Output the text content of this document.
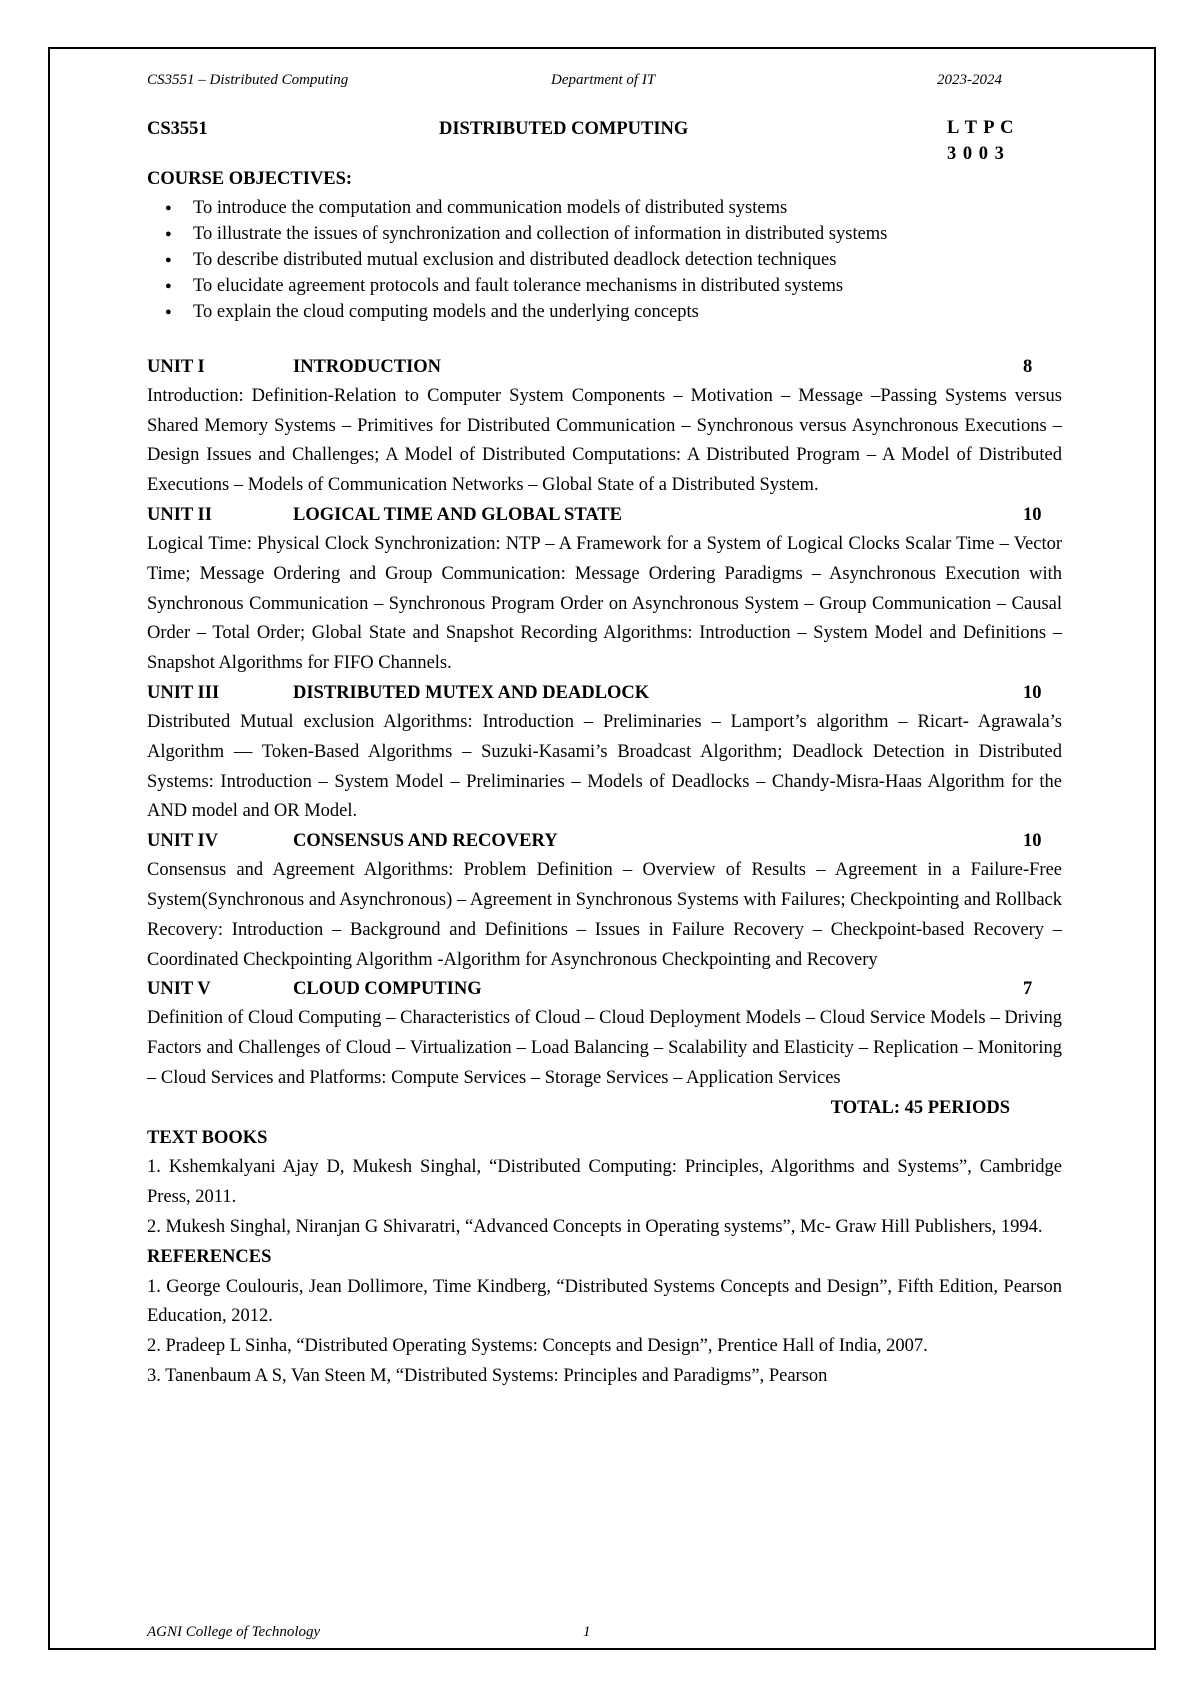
CS3551 – Distributed Computing	Department of IT	2023-2024
CS3551	DISTRIBUTED COMPUTING	L T P C
3 0 0 3
COURSE OBJECTIVES:
● To introduce the computation and communication models of distributed systems
● To illustrate the issues of synchronization and collection of information in distributed systems
● To describe distributed mutual exclusion and distributed deadlock detection techniques
● To elucidate agreement protocols and fault tolerance mechanisms in distributed systems
● To explain the cloud computing models and the underlying concepts
UNIT I	INTRODUCTION	8
Introduction: Definition-Relation to Computer System Components – Motivation – Message –Passing Systems versus Shared Memory Systems – Primitives for Distributed Communication – Synchronous versus Asynchronous Executions – Design Issues and Challenges; A Model of Distributed Computations: A Distributed Program – A Model of Distributed Executions – Models of Communication Networks – Global State of a Distributed System.
UNIT II	LOGICAL TIME AND GLOBAL STATE	10
Logical Time: Physical Clock Synchronization: NTP – A Framework for a System of Logical Clocks Scalar Time – Vector Time; Message Ordering and Group Communication: Message Ordering Paradigms – Asynchronous Execution with Synchronous Communication – Synchronous Program Order on Asynchronous System – Group Communication – Causal Order – Total Order; Global State and Snapshot Recording Algorithms: Introduction – System Model and Definitions – Snapshot Algorithms for FIFO Channels.
UNIT III	DISTRIBUTED MUTEX AND DEADLOCK	10
Distributed Mutual exclusion Algorithms: Introduction – Preliminaries – Lamport’s algorithm – Ricart- Agrawala’s Algorithm –– Token-Based Algorithms – Suzuki-Kasami’s Broadcast Algorithm; Deadlock Detection in Distributed Systems: Introduction – System Model – Preliminaries – Models of Deadlocks – Chandy-Misra-Haas Algorithm for the AND model and OR Model.
UNIT IV	CONSENSUS AND RECOVERY	10
Consensus and Agreement Algorithms: Problem Definition – Overview of Results – Agreement in a Failure-Free System(Synchronous and Asynchronous) – Agreement in Synchronous Systems with Failures; Checkpointing and Rollback Recovery: Introduction – Background and Definitions – Issues in Failure Recovery – Checkpoint-based Recovery – Coordinated Checkpointing Algorithm -Algorithm for Asynchronous Checkpointing and Recovery
UNIT V	CLOUD COMPUTING	7
Definition of Cloud Computing – Characteristics of Cloud – Cloud Deployment Models – Cloud Service Models – Driving Factors and Challenges of Cloud – Virtualization – Load Balancing – Scalability and Elasticity – Replication – Monitoring – Cloud Services and Platforms: Compute Services – Storage Services – Application Services
TOTAL: 45 PERIODS
TEXT BOOKS
1. Kshemkalyani Ajay D, Mukesh Singhal, “Distributed Computing: Principles, Algorithms and Systems”, Cambridge Press, 2011.
2. Mukesh Singhal, Niranjan G Shivaratri, “Advanced Concepts in Operating systems”, Mc- Graw Hill Publishers, 1994.
REFERENCES
1. George Coulouris, Jean Dollimore, Time Kindberg, “Distributed Systems Concepts and Design”, Fifth Edition, Pearson Education, 2012.
2. Pradeep L Sinha, “Distributed Operating Systems: Concepts and Design”, Prentice Hall of India, 2007.
3. Tanenbaum A S, Van Steen M, “Distributed Systems: Principles and Paradigms”, Pearson
AGNI College of Technology	1
